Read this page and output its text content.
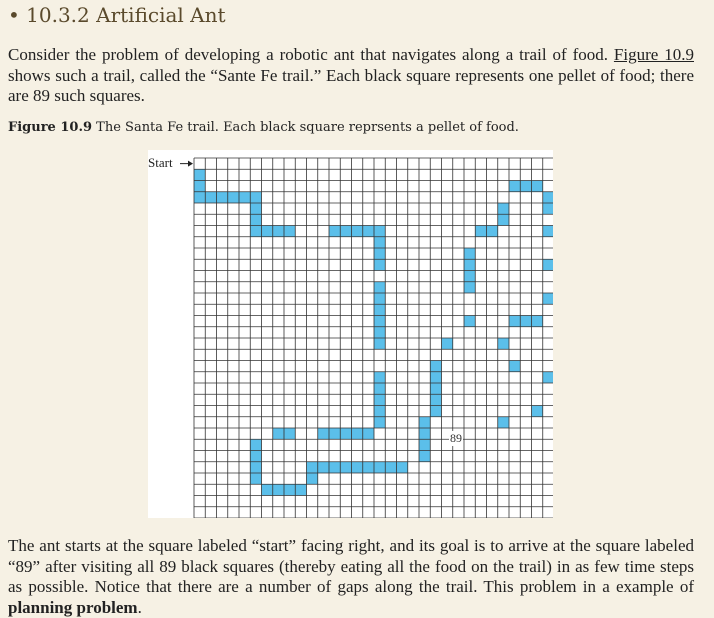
• 10.3.2 Artificial Ant

Consider the problem of developing a robotic ant that navigates along a trail of food. Figure 10.9 shows such a trail, called the “Sante Fe trail.” Each black square represents one pellet of food; there are 89 such squares.

Figure 10.9 The Santa Fe trail. Each black square reprsents a pellet of food.

Start
89

The ant starts at the square labeled “start” facing right, and its goal is to arrive at the square labeled “89” after visiting all 89 black squares (thereby eating all the food on the trail) in as few time steps as possible. Notice that there are a number of gaps along the trail. This problem in a example of planning problem.
